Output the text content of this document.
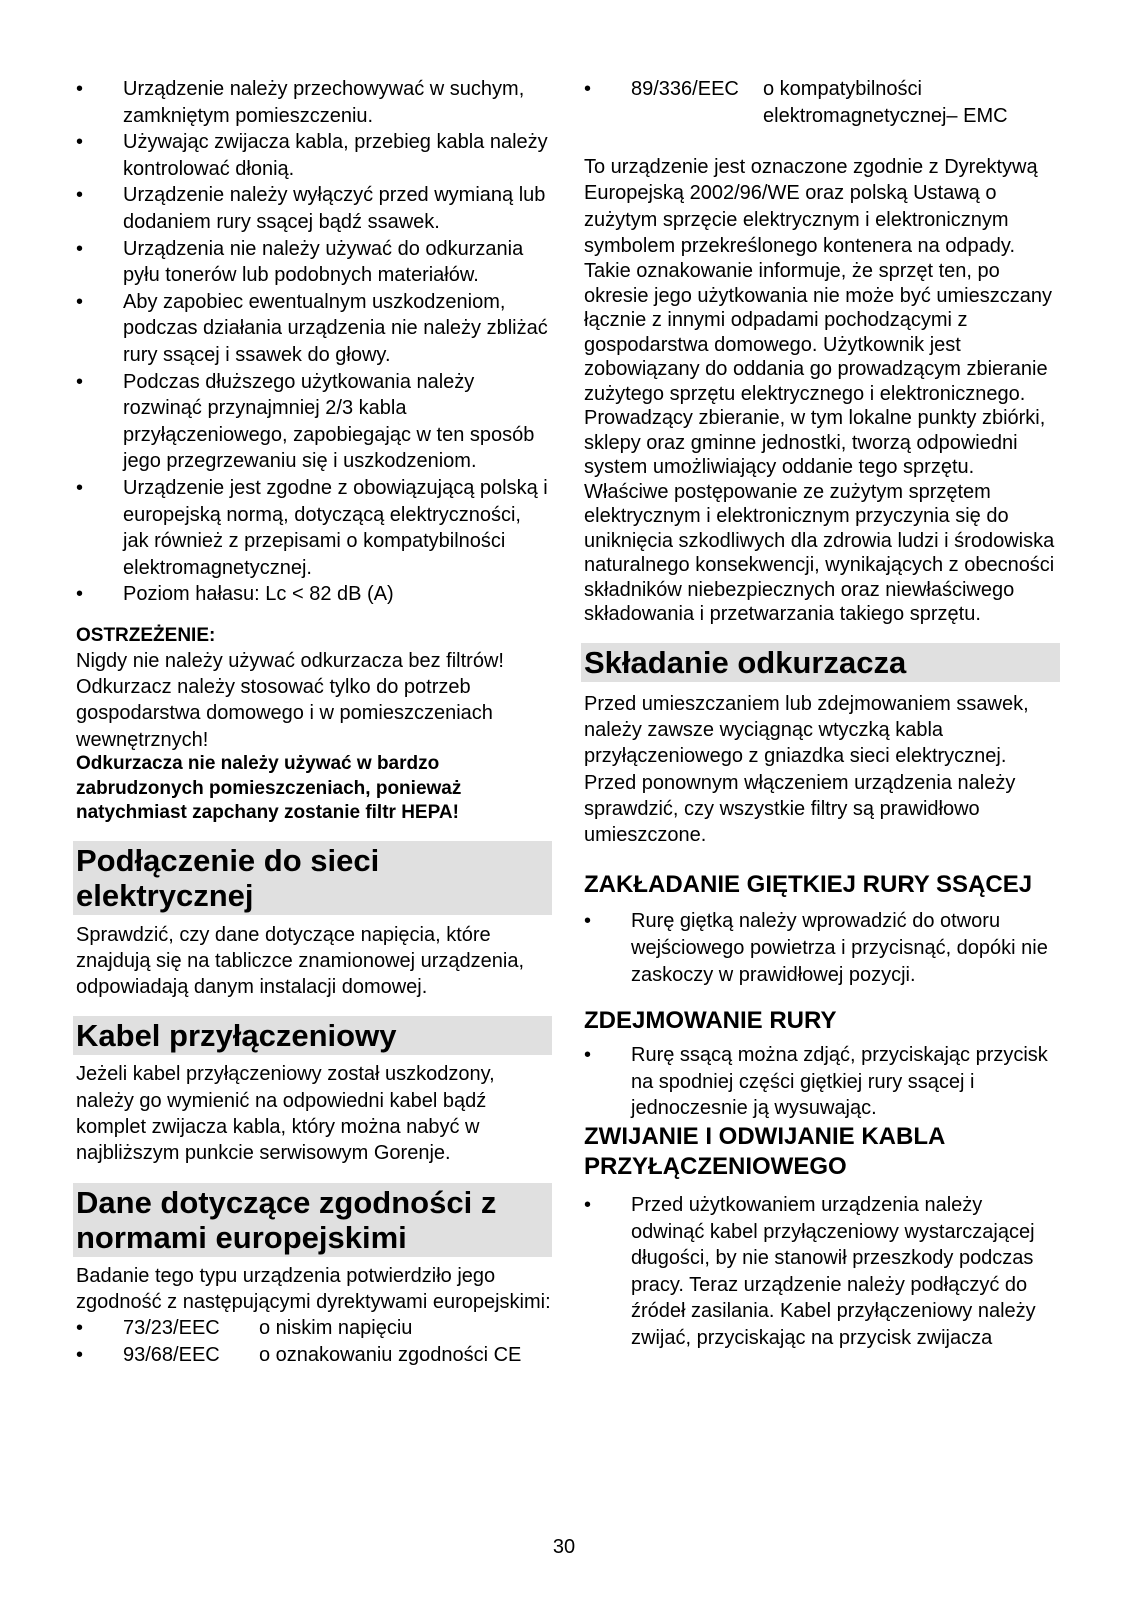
• Urządzenie należy przechowywać w suchym, zamkniętym pomieszczeniu.
• Używając zwijacza kabla, przebieg kabla należy kontrolować dłonią.
• Urządzenie należy wyłączyć przed wymianą lub dodaniem rury ssącej bądź ssawek.
• Urządzenia nie należy używać do odkurzania pyłu tonerów lub podobnych materiałów.
• Aby zapobiec ewentualnym uszkodzeniom, podczas działania urządzenia nie należy zbliżać rury ssącej i ssawek do głowy.
• Podczas dłuższego użytkowania należy rozwinąć przynajmniej 2/3 kabla przyłączeniowego, zapobiegając w ten sposób jego przegrzewaniu się i uszkodzeniom.
• Urządzenie jest zgodne z obowiązującą polską i europejską normą, dotyczącą elektryczności, jak również z przepisami o kompatybilności elektromagnetycznej.
• Poziom hałasu: Lc < 82 dB (A)
OSTRZEŻENIE:
Nigdy nie należy używać odkurzacza bez filtrów! Odkurzacz należy stosować tylko do potrzeb gospodarstwa domowego i w pomieszczeniach wewnętrznych!
Odkurzacza nie należy używać w bardzo zabrudzonych pomieszczeniach, ponieważ natychmiast zapchany zostanie filtr HEPA!
Podłączenie do sieci elektrycznej
Sprawdzić, czy dane dotyczące napięcia, które znajdują się na tabliczce znamionowej urządzenia, odpowiadają danym instalacji domowej.
Kabel przyłączeniowy
Jeżeli kabel przyłączeniowy został uszkodzony, należy go wymienić na odpowiedni kabel bądź komplet zwijacza kabla, który można nabyć w najbliższym punkcie serwisowym Gorenje.
Dane dotyczące zgodności z normami europejskimi
Badanie tego typu urządzenia potwierdziło jego zgodność z następującymi dyrektywami europejskimi:
•	73/23/EEC	o niskim napięciu
•	93/68/EEC	o oznakowaniu zgodności CE
•	89/336/EEC	o kompatybilności elektromagnetycznej– EMC
To urządzenie jest oznaczone zgodnie z Dyrektywą Europejską 2002/96/WE oraz polską Ustawą o zużytym sprzęcie elektrycznym i elektronicznym symbolem przekreślonego kontenera na odpady.
Takie oznakowanie informuje, że sprzęt ten, po okresie jego użytkowania nie może być umieszczany łącznie z innymi odpadami pochodzącymi z gospodarstwa domowego. Użytkownik jest zobowiązany do oddania go prowadzącym zbieranie zużytego sprzętu elektrycznego i elektronicznego. Prowadzący zbieranie, w tym lokalne punkty zbiórki, sklepy oraz gminne jednostki, tworzą odpowiedni system umożliwiający oddanie tego sprzętu. Właściwe postępowanie ze zużytym sprzętem elektrycznym i elektronicznym przyczynia się do uniknięcia szkodliwych dla zdrowia ludzi i środowiska naturalnego konsekwencji, wynikających z obecności składników niebezpiecznych oraz niewłaściwego składowania i przetwarzania takiego sprzętu.
Składanie odkurzacza
Przed umieszczaniem lub zdejmowaniem ssawek, należy zawsze wyciągnąc wtyczką kabla przyłączeniowego z gniazdka sieci elektrycznej. Przed ponownym włączeniem urządzenia należy sprawdzić, czy wszystkie filtry są prawidłowo umieszczone.
ZAKŁADANIE GIĘTKIEJ RURY SSĄCEJ
• Rurę giętką należy wprowadzić do otworu wejściowego powietrza i przycisnąć, dopóki nie zaskoczy w prawidłowej pozycji.
ZDEJMOWANIE RURY
• Rurę ssącą można zdjąć, przyciskając przycisk na spodniej części giętkiej rury ssącej i jednoczesnie ją wysuwając.
ZWIJANIE I ODWIJANIE KABLA PRZYŁĄCZENIOWEGO
• Przed użytkowaniem urządzenia należy odwinąć kabel przyłączeniowy wystarczającej długości, by nie stanowił przeszkody podczas pracy. Teraz urządzenie należy podłączyć do źródeł zasilania. Kabel przyłączeniowy należy zwijać, przyciskając na przycisk zwijacza
30
